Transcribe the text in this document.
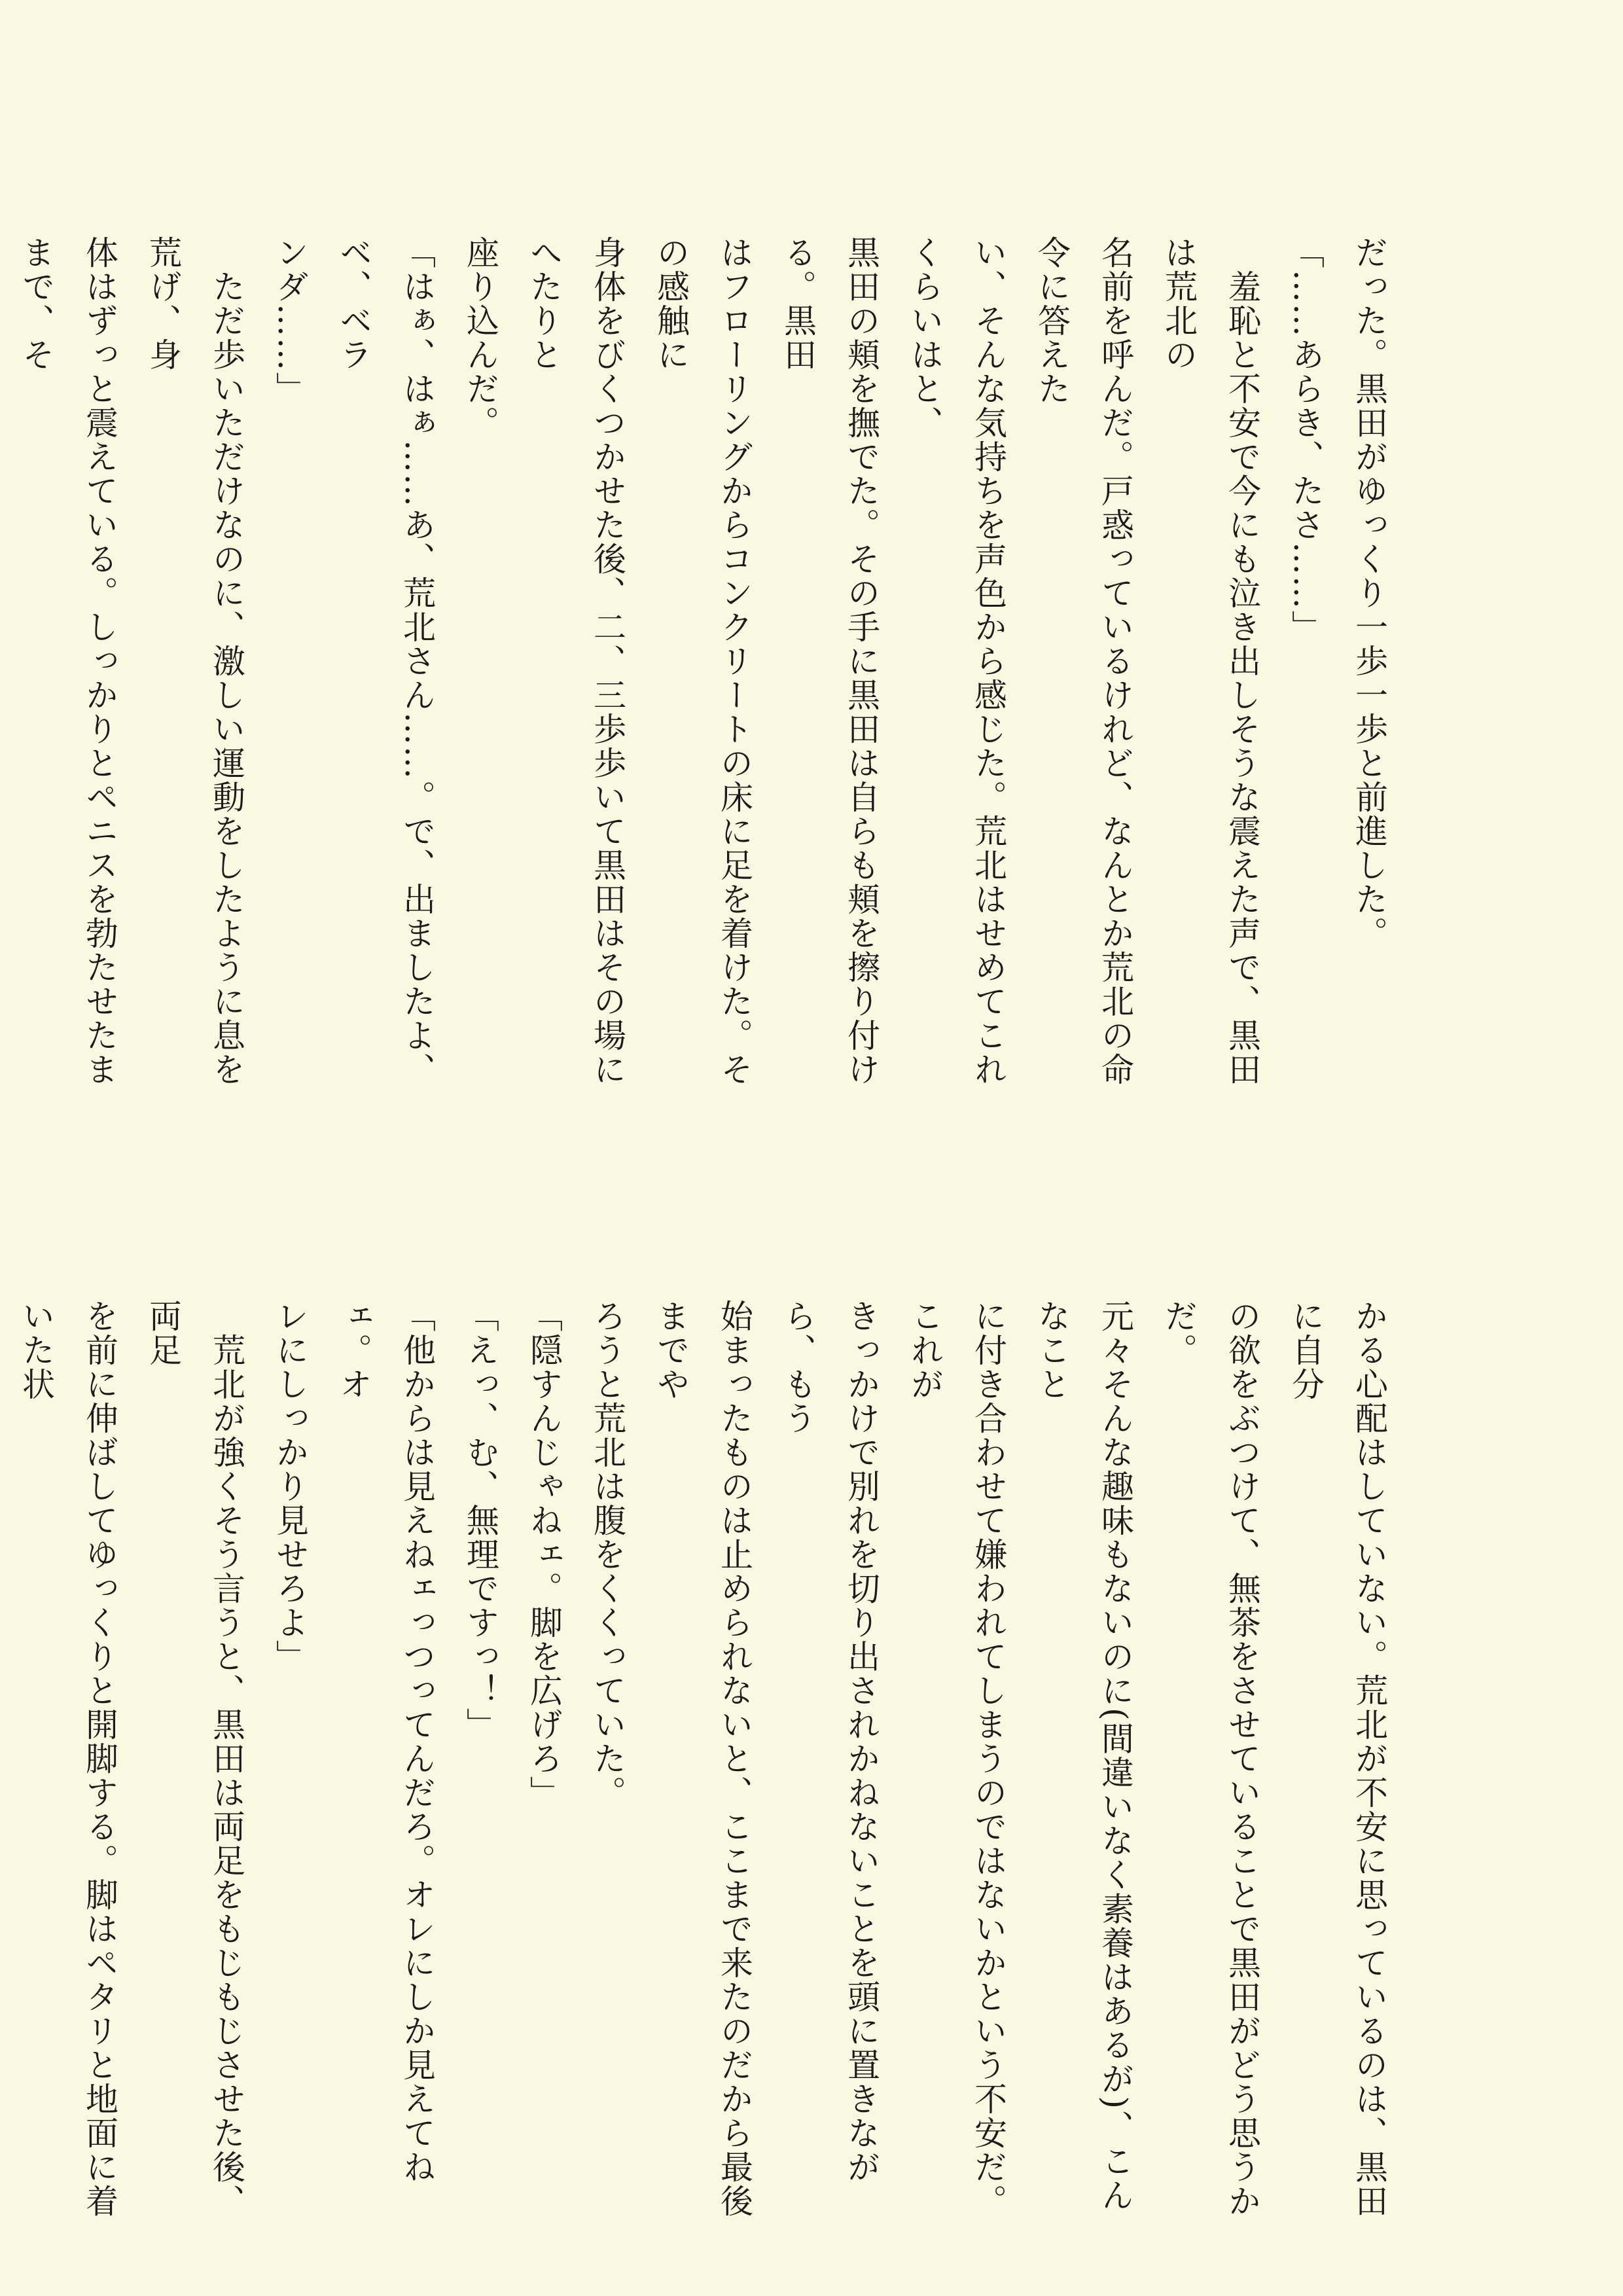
だった。黒田がゆっくり一歩一歩と前進した。
「……あらき、たさ……」
　羞恥と不安で今にも泣き出しそうな震えた声で、黒田は荒北の
名前を呼んだ。戸惑っているけれど、なんとか荒北の命令に答えた
い、そんな気持ちを声色から感じた。荒北はせめてこれくらいはと、
黒田の頬を撫でた。その手に黒田は自らも頬を擦り付ける。黒田
はフローリングからコンクリートの床に足を着けた。その感触に
身体をびくつかせた後、二、三歩歩いて黒田はその場にへたりと
座り込んだ。
「はぁ、はぁ……あ、荒北さん……。で、出ましたよ、ベ、ベラ
ンダ……」
　ただ歩いただけなのに、激しい運動をしたように息を荒げ、身
体はずっと震えている。しっかりとペニスを勃たせたままで、そ
かる心配はしていない。荒北が不安に思っているのは、黒田に自分
の欲をぶつけて、無茶をさせていることで黒田がどう思うかだ。
元々そんな趣味もないのに(間違いなく素養はあるが)、こんなこと
に付き合わせて嫌われてしまうのではないかという不安だ。これが
きっかけで別れを切り出されかねないことを頭に置きながら、もう
始まったものは止められないと、ここまで来たのだから最後までや
ろうと荒北は腹をくくっていた。
「隠すんじゃねェ。脚を広げろ」
「えっ、む、無理ですっ！」
「他からは見えねェっつってんだろ。オレにしか見えてねェ。オ
レにしっかり見せろよ」
　荒北が強くそう言うと、黒田は両足をもじもじさせた後、両足
を前に伸ばしてゆっくりと開脚する。脚はペタリと地面に着いた状
